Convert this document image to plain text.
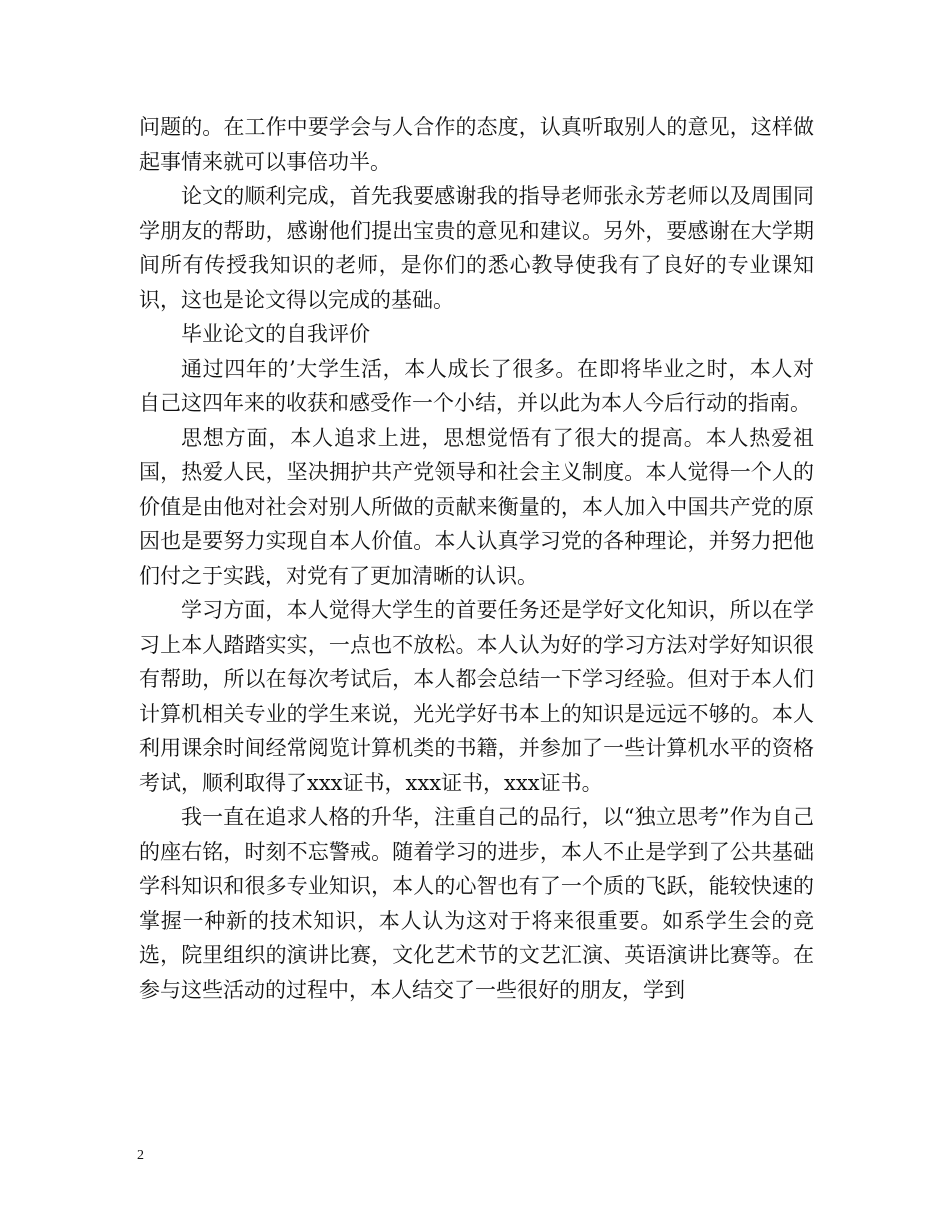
问题的。在工作中要学会与人合作的态度，认真听取别人的意见，这样做起事情来就可以事倍功半。

论文的顺利完成，首先我要感谢我的指导老师张永芳老师以及周围同学朋友的帮助，感谢他们提出宝贵的意见和建议。另外，要感谢在大学期间所有传授我知识的老师，是你们的悉心教导使我有了良好的专业课知识，这也是论文得以完成的基础。

毕业论文的自我评价

通过四年的’大学生活，本人成长了很多。在即将毕业之时，本人对自己这四年来的收获和感受作一个小结，并以此为本人今后行动的指南。

思想方面，本人追求上进，思想觉悟有了很大的提高。本人热爱祖国，热爱人民，坚决拥护共产党领导和社会主义制度。本人觉得一个人的价值是由他对社会对别人所做的贡献来衡量的，本人加入中国共产党的原因也是要努力实现自本人价值。本人认真学习党的各种理论，并努力把他们付之于实践，对党有了更加清晰的认识。

学习方面，本人觉得大学生的首要任务还是学好文化知识，所以在学习上本人踏踏实实，一点也不放松。本人认为好的学习方法对学好知识很有帮助，所以在每次考试后，本人都会总结一下学习经验。但对于本人们计算机相关专业的学生来说，光光学好书本上的知识是远远不够的。本人利用课余时间经常阅览计算机类的书籍，并参加了一些计算机水平的资格考试，顺利取得了xxx证书，xxx证书，xxx证书。

我一直在追求人格的升华，注重自己的品行，以“独立思考”作为自己的座右铭，时刻不忘警戒。随着学习的进步，本人不止是学到了公共基础学科知识和很多专业知识，本人的心智也有了一个质的飞跃，能较快速的掌握一种新的技术知识，本人认为这对于将来很重要。如系学生会的竞选，院里组织的演讲比赛，文化艺术节的文艺汇演、英语演讲比赛等。在参与这些活动的过程中，本人结交了一些很好的朋友，学到

2
